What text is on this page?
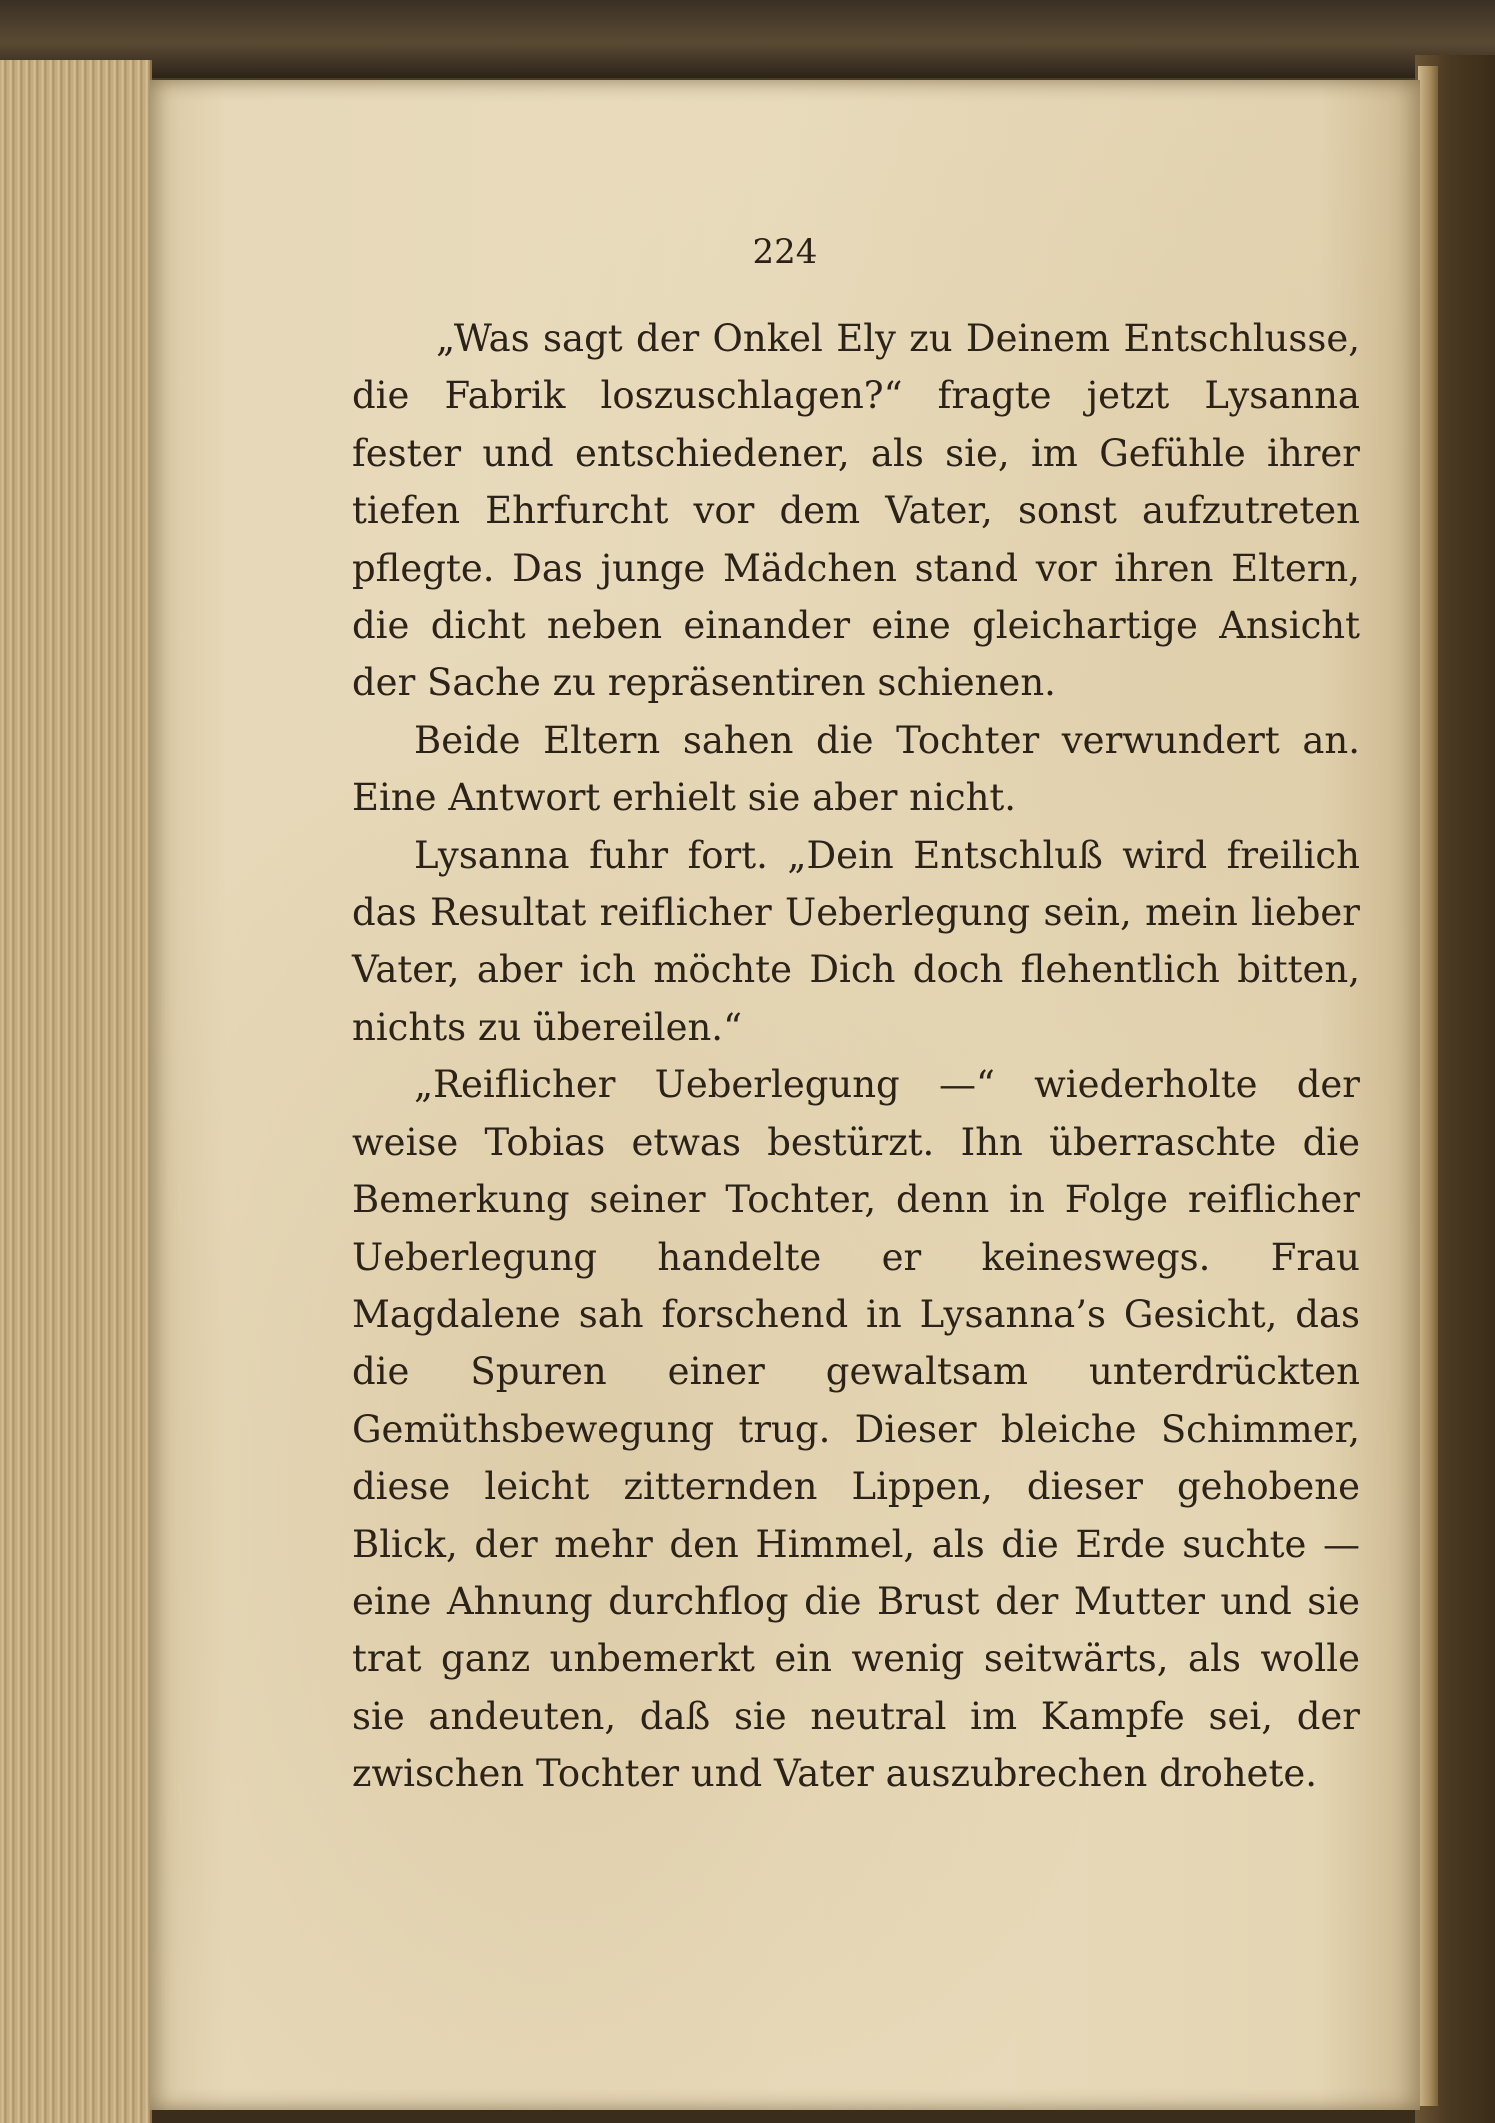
224

„Was sagt der Onkel Ely zu Deinem Entschlusse, die Fabrik loszuschlagen?“ fragte jetzt Lysanna fester und entschiedener, als sie, im Gefühle ihrer tiefen Ehrfurcht vor dem Vater, sonst aufzutreten pflegte. Das junge Mädchen stand vor ihren Eltern, die dicht neben einander eine gleichartige Ansicht der Sache zu repräsentiren schienen.

Beide Eltern sahen die Tochter verwundert an. Eine Antwort erhielt sie aber nicht.

Lysanna fuhr fort. „Dein Entschluß wird freilich das Resultat reiflicher Ueberlegung sein, mein lieber Vater, aber ich möchte Dich doch flehentlich bitten, nichts zu übereilen.“

„Reiflicher Ueberlegung —“ wiederholte der weise Tobias etwas bestürzt. Ihn überraschte die Bemerkung seiner Tochter, denn in Folge reiflicher Ueberlegung handelte er keineswegs. Frau Magdalene sah forschend in Lysanna’s Gesicht, das die Spuren einer gewaltsam unterdrückten Gemüthsbewegung trug. Dieser bleiche Schimmer, diese leicht zitternden Lippen, dieser gehobene Blick, der mehr den Himmel, als die Erde suchte — eine Ahnung durchflog die Brust der Mutter und sie trat ganz unbemerkt ein wenig seitwärts, als wolle sie andeuten, daß sie neutral im Kampfe sei, der zwischen Tochter und Vater auszubrechen drohete.
